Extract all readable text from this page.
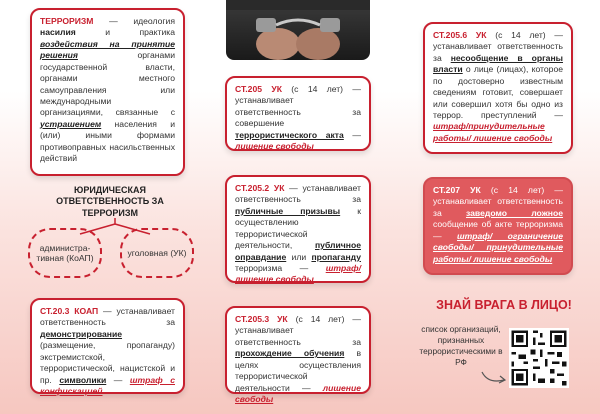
ТЕРРОРИЗМ — идеология насилия и практика воздействия на принятие решения органами государственной власти, органами местного самоуправления или международными организациями, связанные с устрашением населения и (или) иными формами противоправных насильственных действий
ЮРИДИЧЕСКАЯ ОТВЕТСТВЕННОСТЬ ЗА ТЕРРОРИЗМ
администра-тивная (КоАП)	уголовная (УК)
СТ.20.3 КОАП — устанавливает ответственность за демонстрирование (размещение, пропаганду) экстремистской, террористической, нацистской и пр. символики — штраф с конфискацией
СТ.205 УК (с 14 лет) — устанавливает ответственность за совершение террористического акта — лишение свободы
СТ.205.2 УК — устанавливает ответственность за публичные призывы к осуществлению террористической деятельности, публичное оправдание или пропаганду терроризма — штраф/лишение свободы
СТ.205.3 УК (с 14 лет) — устанавливает ответственность за прохождение обучения в целях осуществления террористической деятельности — лишение свободы
СТ.205.6 УК (с 14 лет) — устанавливает ответственность за несообщение в органы власти о лице (лицах), которое по достоверно известным сведениям готовит, совершает или совершил хотя бы одно из террор. преступлений — штраф/принудительные работы/ лишение свободы
СТ.207 УК (с 14 лет) — устанавливает ответственность за заведомо ложное сообщение об акте терроризма — штраф/ ограничение свободы/ принудительные работы/ лишение свободы
ЗНАЙ ВРАГА В ЛИЦО!
список организаций, признанных террористическими в РФ
